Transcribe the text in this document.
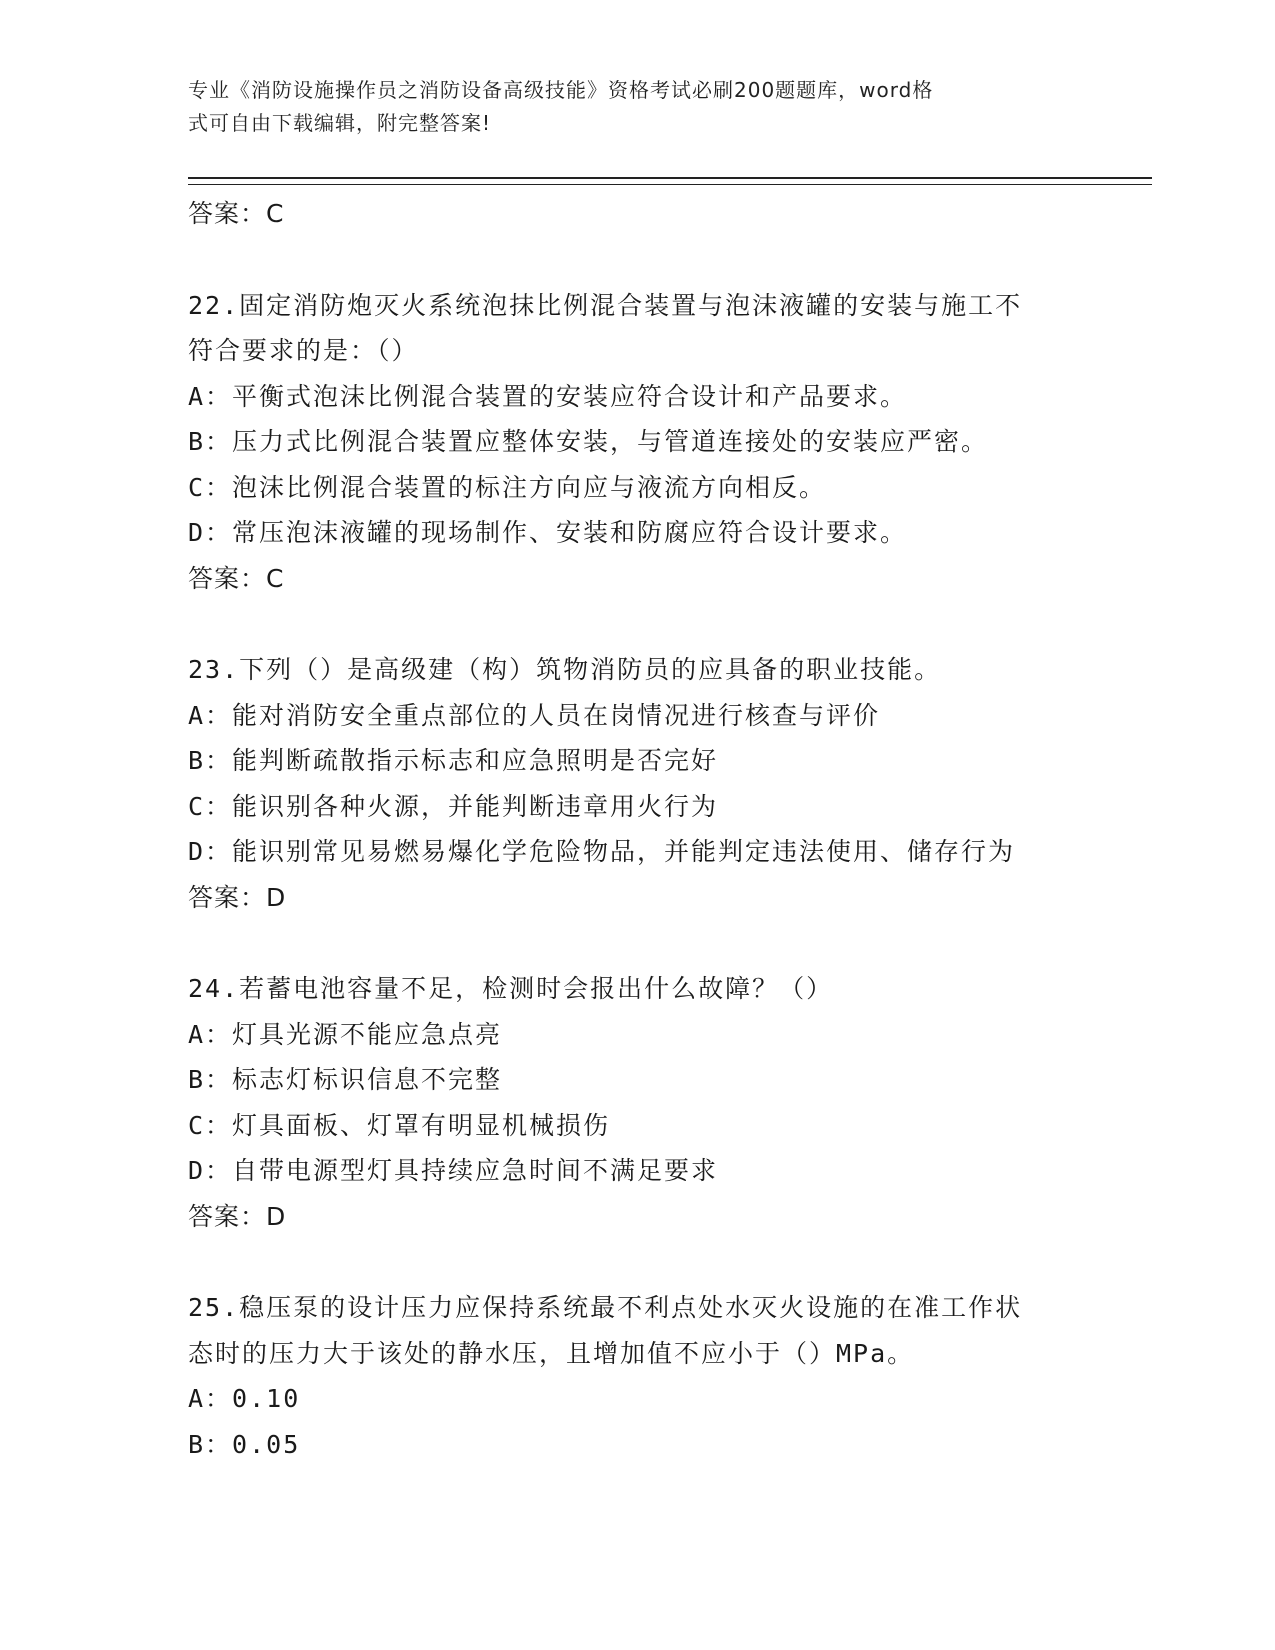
专业《消防设施操作员之消防设备高级技能》资格考试必刷200题题库，word格
式可自由下载编辑，附完整答案!
答案：C
22.固定消防炮灭火系统泡抹比例混合装置与泡沫液罐的安装与施工不
符合要求的是：（）
A：平衡式泡沫比例混合装置的安装应符合设计和产品要求。
B：压力式比例混合装置应整体安装，与管道连接处的安装应严密。
C：泡沫比例混合装置的标注方向应与液流方向相反。
D：常压泡沫液罐的现场制作、安装和防腐应符合设计要求。
答案：C
23.下列（）是高级建（构）筑物消防员的应具备的职业技能。
A：能对消防安全重点部位的人员在岗情况进行核查与评价
B：能判断疏散指示标志和应急照明是否完好
C：能识别各种火源，并能判断违章用火行为
D：能识别常见易燃易爆化学危险物品，并能判定违法使用、储存行为
答案：D
24.若蓄电池容量不足，检测时会报出什么故障？（）
A：灯具光源不能应急点亮
B：标志灯标识信息不完整
C：灯具面板、灯罩有明显机械损伤
D：自带电源型灯具持续应急时间不满足要求
答案：D
25.稳压泵的设计压力应保持系统最不利点处水灭火设施的在准工作状
态时的压力大于该处的静水压，且增加值不应小于（）MPa。
A：0.10
B：0.05
